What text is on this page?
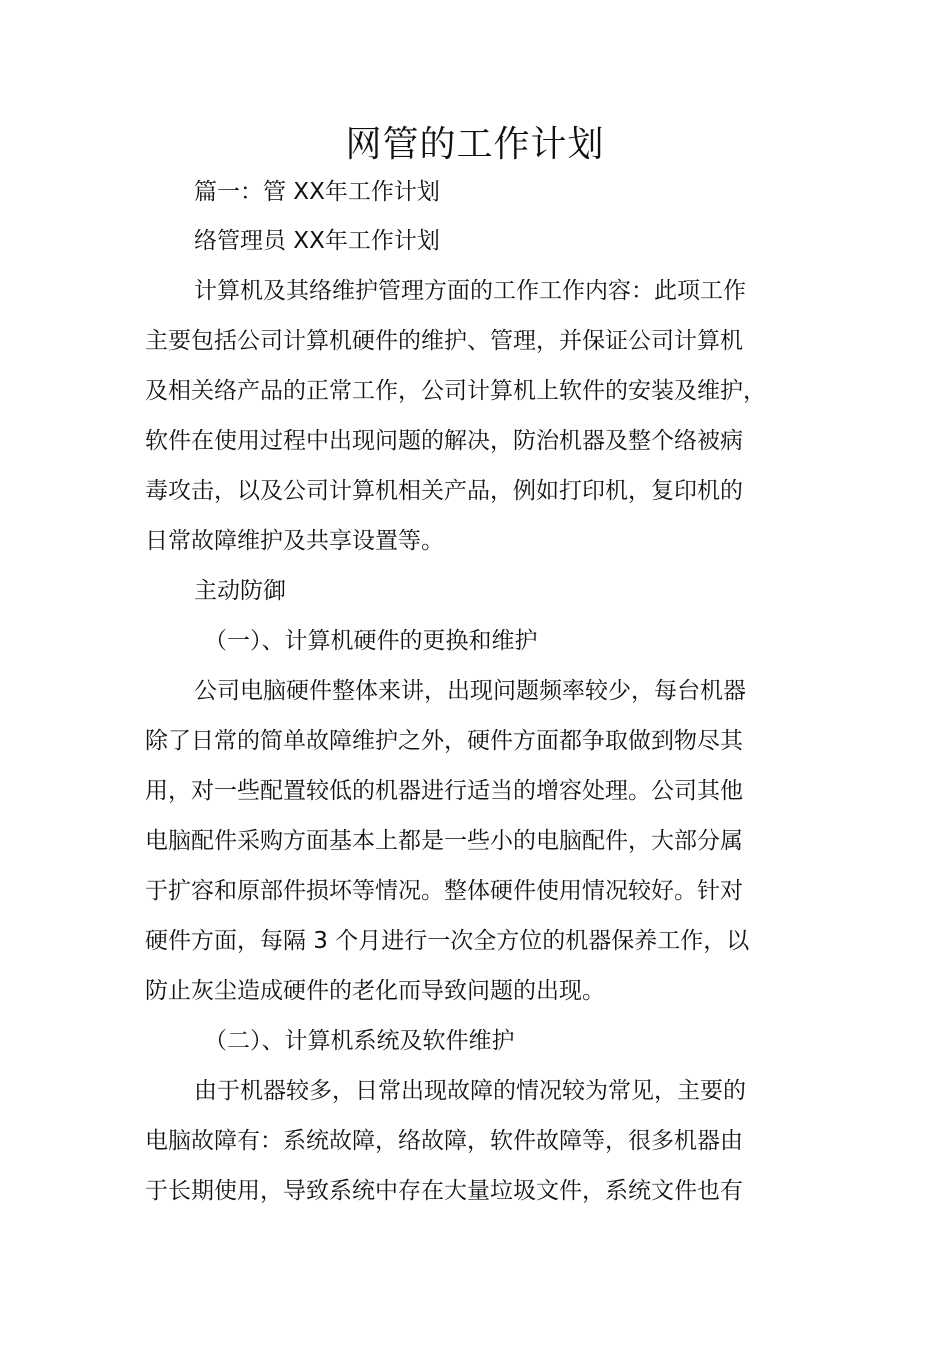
网管的工作计划
篇一：管 XX年工作计划
络管理员 XX年工作计划
计算机及其络维护管理方面的工作工作内容：此项工作
主要包括公司计算机硬件的维护、管理，并保证公司计算机
及相关络产品的正常工作，公司计算机上软件的安装及维护，
软件在使用过程中出现问题的解决，防治机器及整个络被病
毒攻击，以及公司计算机相关产品，例如打印机，复印机的
日常故障维护及共享设置等。
主动防御
（一）、计算机硬件的更换和维护
公司电脑硬件整体来讲，出现问题频率较少，每台机器
除了日常的简单故障维护之外，硬件方面都争取做到物尽其
用，对一些配置较低的机器进行适当的增容处理。公司其他
电脑配件采购方面基本上都是一些小的电脑配件，大部分属
于扩容和原部件损坏等情况。整体硬件使用情况较好。针对
硬件方面，每隔 3 个月进行一次全方位的机器保养工作，以
防止灰尘造成硬件的老化而导致问题的出现。
（二）、计算机系统及软件维护
由于机器较多，日常出现故障的情况较为常见，主要的
电脑故障有：系统故障，络故障，软件故障等，很多机器由
于长期使用，导致系统中存在大量垃圾文件，系统文件也有
